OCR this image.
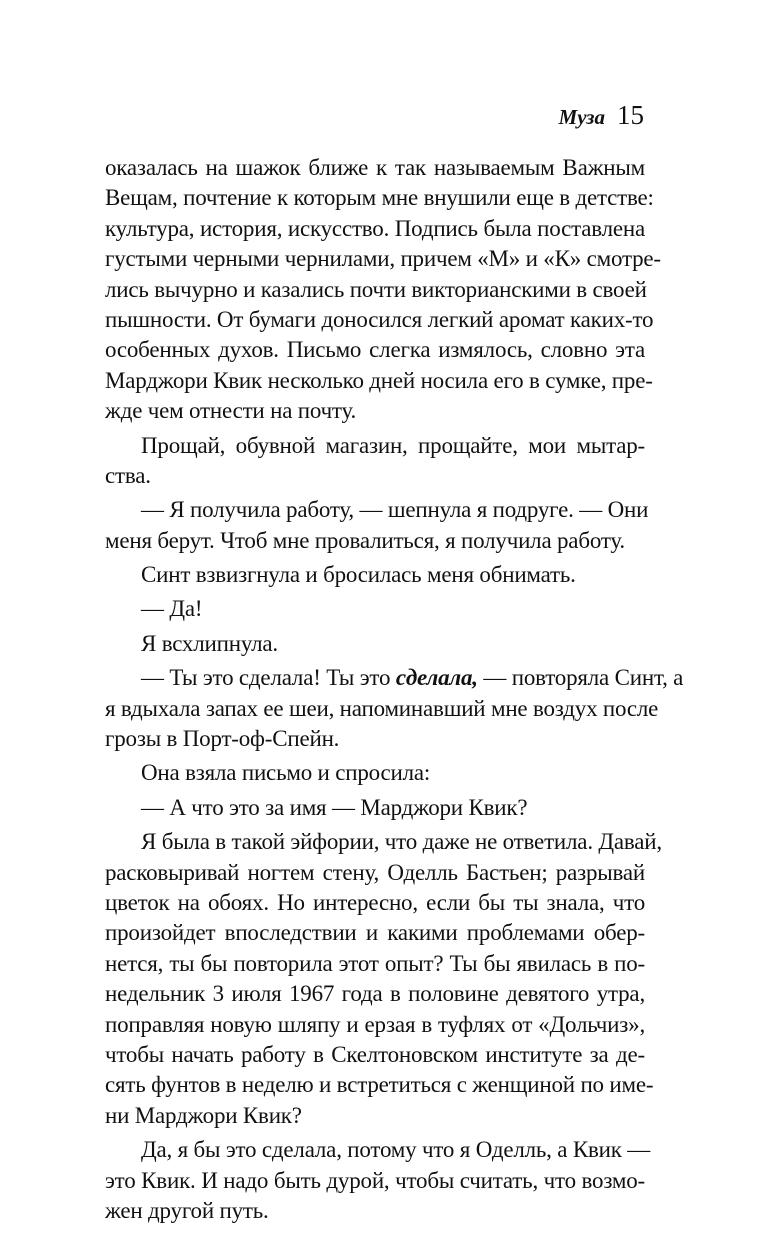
Муза 15
оказалась на шажок ближе к так называемым Важным
Вещам, почтение к которым мне внушили еще в детстве:
культура, история, искусство. Подпись была поставлена
густыми черными чернилами, причем «М» и «К» смотре-
лись вычурно и казались почти викторианскими в своей
пышности. От бумаги доносился легкий аромат каких-то
особенных духов. Письмо слегка измялось, словно эта
Марджори Квик несколько дней носила его в сумке, пре-
жде чем отнести на почту.
Прощай, обувной магазин, прощайте, мои мытар-
ства.
— Я получила работу, — шепнула я подруге. — Они
меня берут. Чтоб мне провалиться, я получила работу.
Синт взвизгнула и бросилась меня обнимать.
— Да!
Я всхлипнула.
— Ты это сделала! Ты это сделала, — повторяла Синт, а
я вдыхала запах ее шеи, напоминавший мне воздух после
грозы в Порт-оф-Спейн.
Она взяла письмо и спросила:
— А что это за имя — Марджори Квик?
Я была в такой эйфории, что даже не ответила. Давай,
расковыривай ногтем стену, Оделль Бастьен; разрывай
цветок на обоях. Но интересно, если бы ты знала, что
произойдет впоследствии и какими проблемами обер-
нется, ты бы повторила этот опыт? Ты бы явилась в по-
недельник 3 июля 1967 года в половине девятого утра,
поправляя новую шляпу и ерзая в туфлях от «Дольчиз»,
чтобы начать работу в Скелтоновском институте за де-
сять фунтов в неделю и встретиться с женщиной по име-
ни Марджори Квик?
Да, я бы это сделала, потому что я Оделль, а Квик —
это Квик. И надо быть дурой, чтобы считать, что возмо-
жен другой путь.
